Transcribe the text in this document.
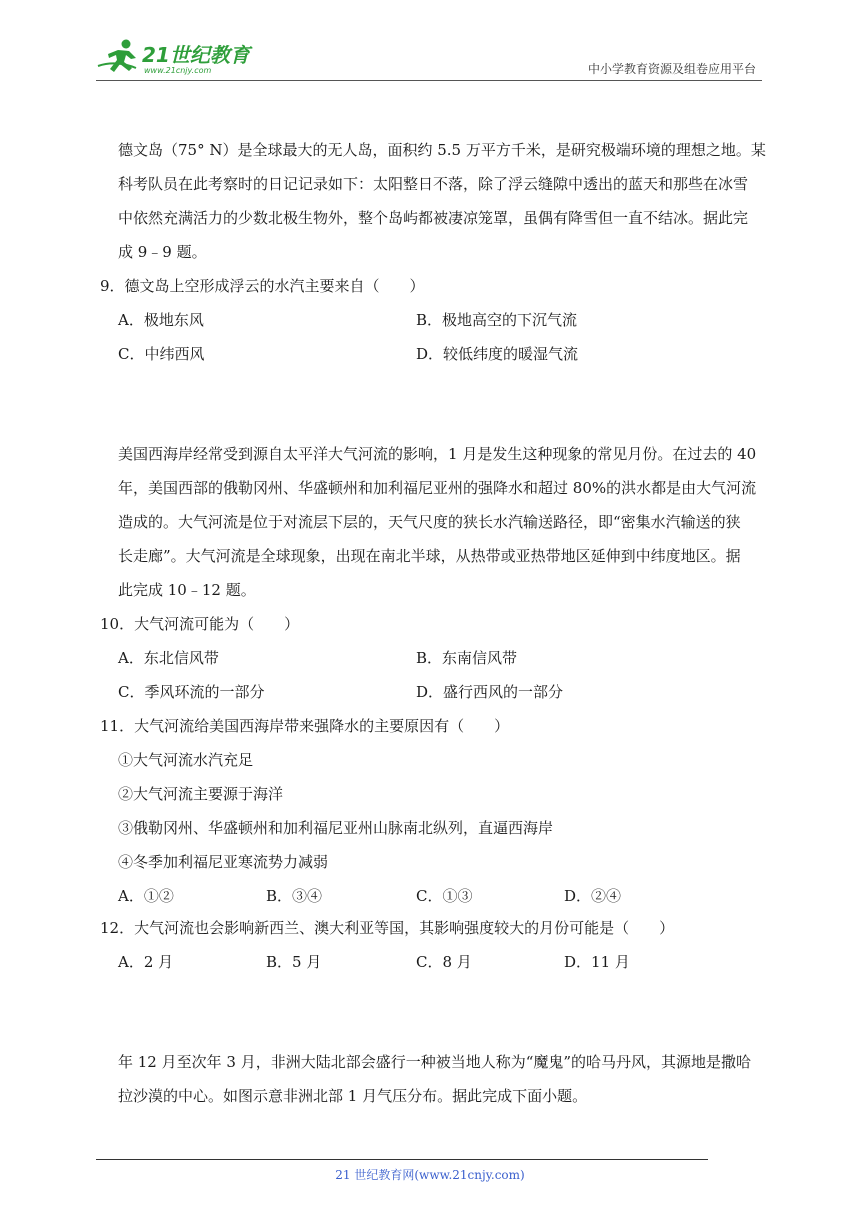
21世纪教育
www.21cnjy.com	中小学教育资源及组卷应用平台
德文岛（75° N）是全球最大的无人岛，面积约 5.5 万平方千米，是研究极端环境的理想之地。某
科考队员在此考察时的日记记录如下：太阳整日不落，除了浮云缝隙中透出的蓝天和那些在冰雪
中依然充满活力的少数北极生物外，整个岛屿都被凄凉笼罩，虽偶有降雪但一直不结冰。据此完
成 9﹣9 题。
9．德文岛上空形成浮云的水汽主要来自（　　）
A．极地东风	B．极地高空的下沉气流
C．中纬西风	D．较低纬度的暖湿气流
美国西海岸经常受到源自太平洋大气河流的影响，1 月是发生这种现象的常见月份。在过去的 40
年，美国西部的俄勒冈州、华盛顿州和加利福尼亚州的强降水和超过 80%的洪水都是由大气河流
造成的。大气河流是位于对流层下层的，天气尺度的狭长水汽输送路径，即“密集水汽输送的狭
长走廊”。大气河流是全球现象，出现在南北半球，从热带或亚热带地区延伸到中纬度地区。据
此完成 10﹣12 题。
10．大气河流可能为（　　）
A．东北信风带	B．东南信风带
C．季风环流的一部分	D．盛行西风的一部分
11．大气河流给美国西海岸带来强降水的主要原因有（　　）
①大气河流水汽充足
②大气河流主要源于海洋
③俄勒冈州、华盛顿州和加利福尼亚州山脉南北纵列，直逼西海岸
④冬季加利福尼亚寒流势力减弱
A．①②	B．③④	C．①③	D．②④
12．大气河流也会影响新西兰、澳大利亚等国，其影响强度较大的月份可能是（　　）
A．2 月	B．5 月	C．8 月	D．11 月
年 12 月至次年 3 月，非洲大陆北部会盛行一种被当地人称为“魔鬼”的哈马丹风，其源地是撒哈
拉沙漠的中心。如图示意非洲北部 1 月气压分布。据此完成下面小题。
21 世纪教育网(www.21cnjy.com)
